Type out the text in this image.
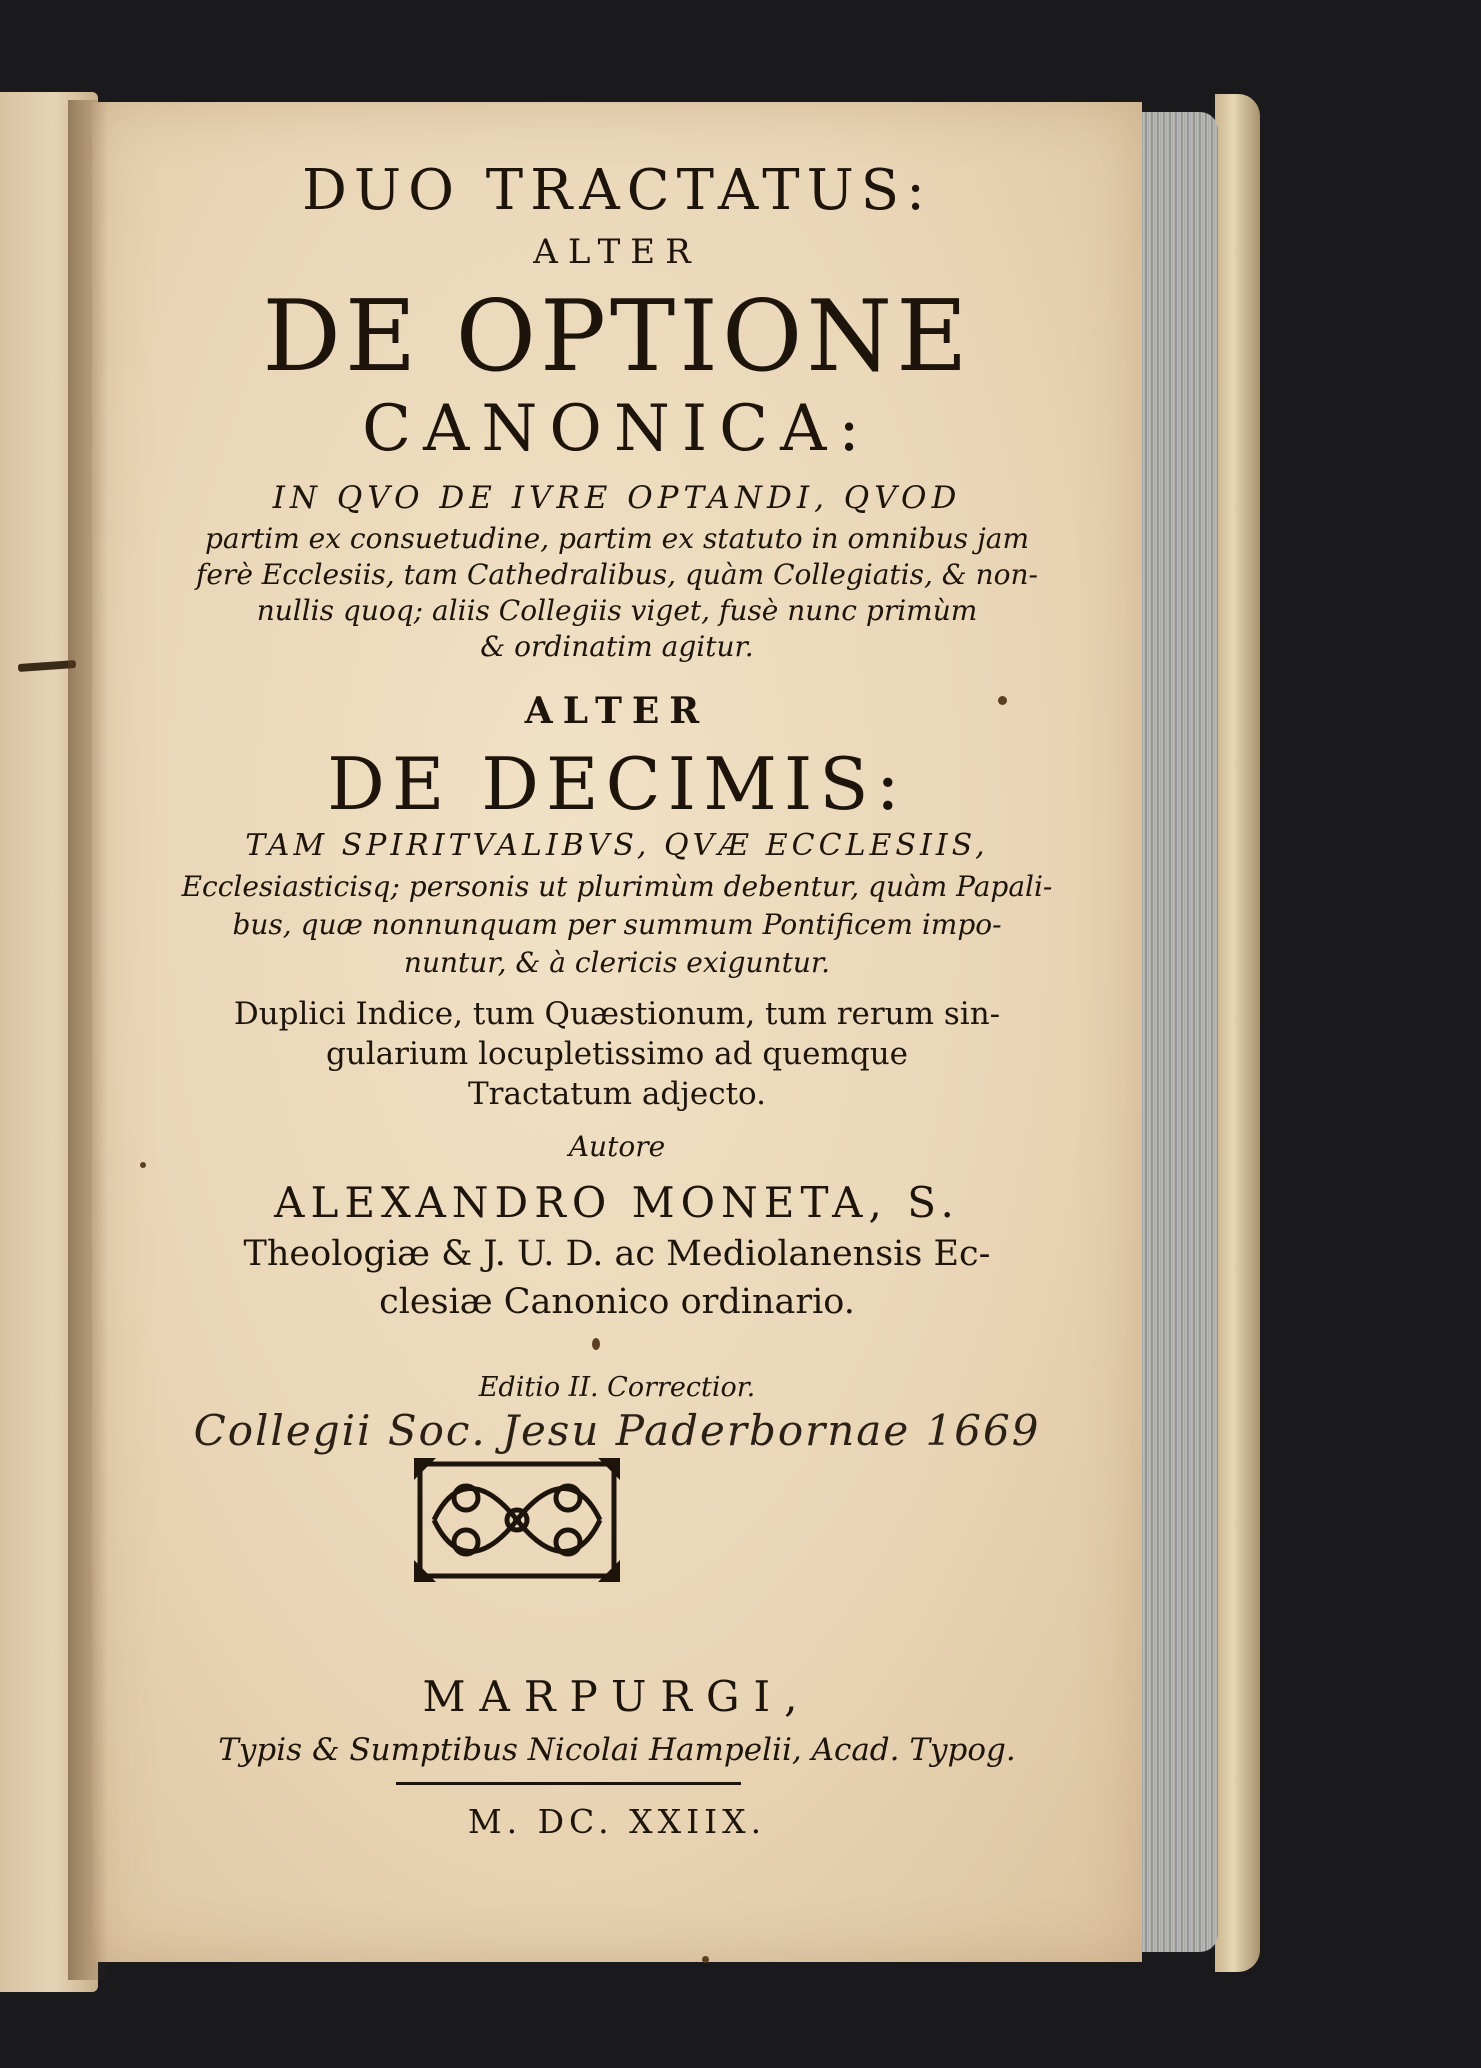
DUO TRACTATUS:

ALTER

DE OPTIONE

CANONICA:

IN QVO DE IVRE OPTANDI, QVOD

partim ex consuetudine, partim ex statuto in omnibus jam

ferè Ecclesiis, tam Cathedralibus, quàm Collegiatis, & non-

nullis quoq; aliis Collegiis viget, fusè nunc primùm

& ordinatim agitur.

ALTER

DE DECIMIS:

TAM SPIRITVALIBVS, QVÆ ECCLESIIS,

Ecclesiasticisq; personis ut plurimùm debentur, quàm Papali-

bus, quæ nonnunquam per summum Pontificem impo-

nuntur, & à clericis exiguntur.

Duplici Indice, tum Quæstionum, tum rerum sin-

gularium locupletissimo ad quemque

Tractatum adjecto.

Autore

ALEXANDRO MONETA, S.

Theologiæ & J. U. D. ac Mediolanensis Ec-

clesiæ Canonico ordinario.

Editio II. Correctior.

Collegii Soc. Jesu Paderbornae 1669

MARPURGI,

Typis & Sumptibus Nicolai Hampelii, Acad. Typog.

M. DC. XXIIX.
